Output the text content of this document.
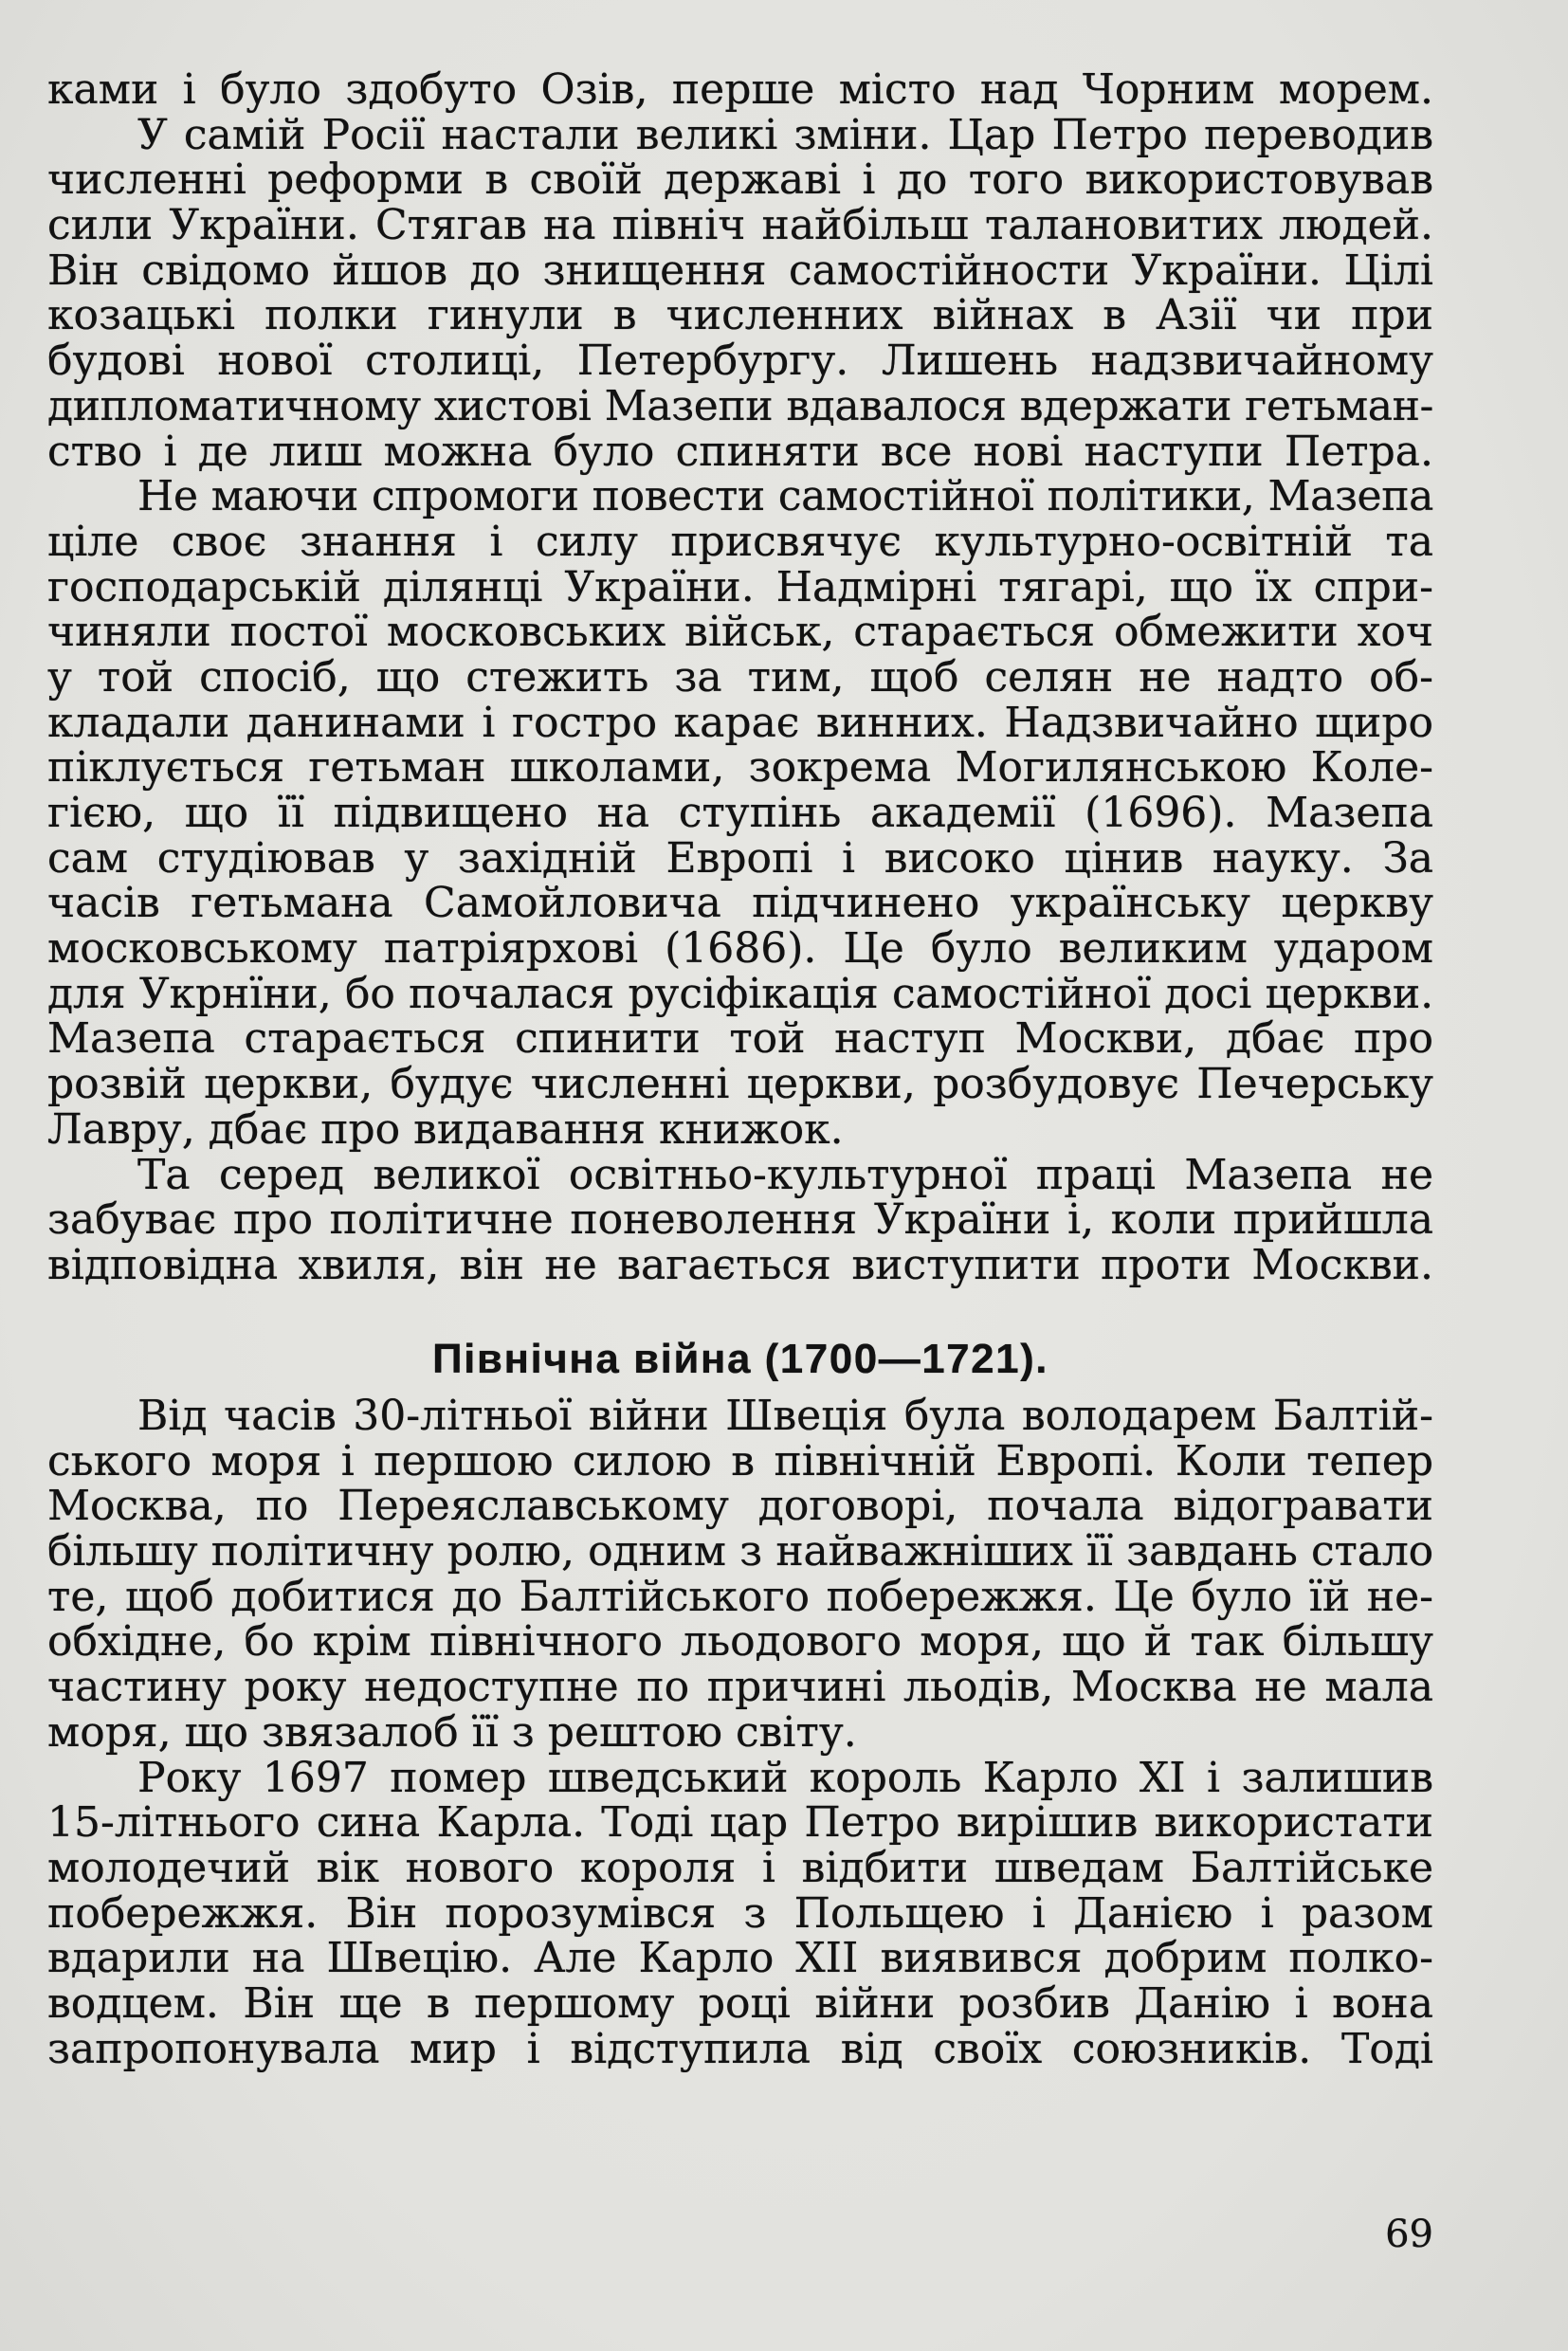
ками і було здобуто Озів, перше місто над Чорним морем.
У самій Росії настали великі зміни. Цар Петро переводив
численні реформи в своїй державі і до того використовував
сили України. Стягав на північ найбільш талановитих людей.
Він свідомо йшов до знищення самостійности України. Цілі
козацькі полки гинули в численних війнах в Азії чи при
будові нової столиці, Петербургу. Лишень надзвичайному
дипломатичному хистові Мазепи вдавалося вдержати гетьман-
ство і де лиш можна було спиняти все нові наступи Петра.
Не маючи спромоги повести самостійної політики, Мазепа
ціле своє знання і силу присвячує культурно-освітній та
господарській ділянці України. Надмірні тягарі, що їх спри-
чиняли постої московських військ, старається обмежити хоч
у той спосіб, що стежить за тим, щоб селян не надто об-
кладали данинами і гостро карає винних. Надзвичайно щиро
піклується гетьман школами, зокрема Могилянською Коле-
гією, що її підвищено на ступінь академії (1696). Мазепа
сам студіював у західній Европі і високо цінив науку. За
часів гетьмана Самойловича підчинено українську церкву
московському патріярхові (1686). Це було великим ударом
для Укрнїни, бо почалася русіфікація самостійної досі церкви.
Мазепа старається спинити той наступ Москви, дбає про
розвій церкви, будує численні церкви, розбудовує Печерську
Лавру, дбає про видавання книжок.
Та серед великої освітньо-культурної праці Мазепа не
забуває про політичне поневолення України і, коли прийшла
відповідна хвиля, він не вагається виступити проти Москви.
Північна війна (1700—1721).
Від часів 30-літньої війни Швеція була володарем Балтій-
ського моря і першою силою в північній Европі. Коли тепер
Москва, по Переяславському договорі, почала відогравати
більшу політичну ролю, одним з найважніших її завдань стало
те, щоб добитися до Балтійського побережжя. Це було їй не-
обхідне, бо крім північного льодового моря, що й так більшу
частину року недоступне по причині льодів, Москва не мала
моря, що звязалоб її з рештою світу.
Року 1697 помер шведський король Карло XI і залишив
15-літнього сина Карла. Тоді цар Петро вирішив використати
молодечий вік нового короля і відбити шведам Балтійське
побережжя. Він порозумівся з Польщею і Данією і разом
вдарили на Швецію. Але Карло XII виявився добрим полко-
водцем. Він ще в першому році війни розбив Данію і вона
запропонувала мир і відступила від своїх союзників. Тоді
69
